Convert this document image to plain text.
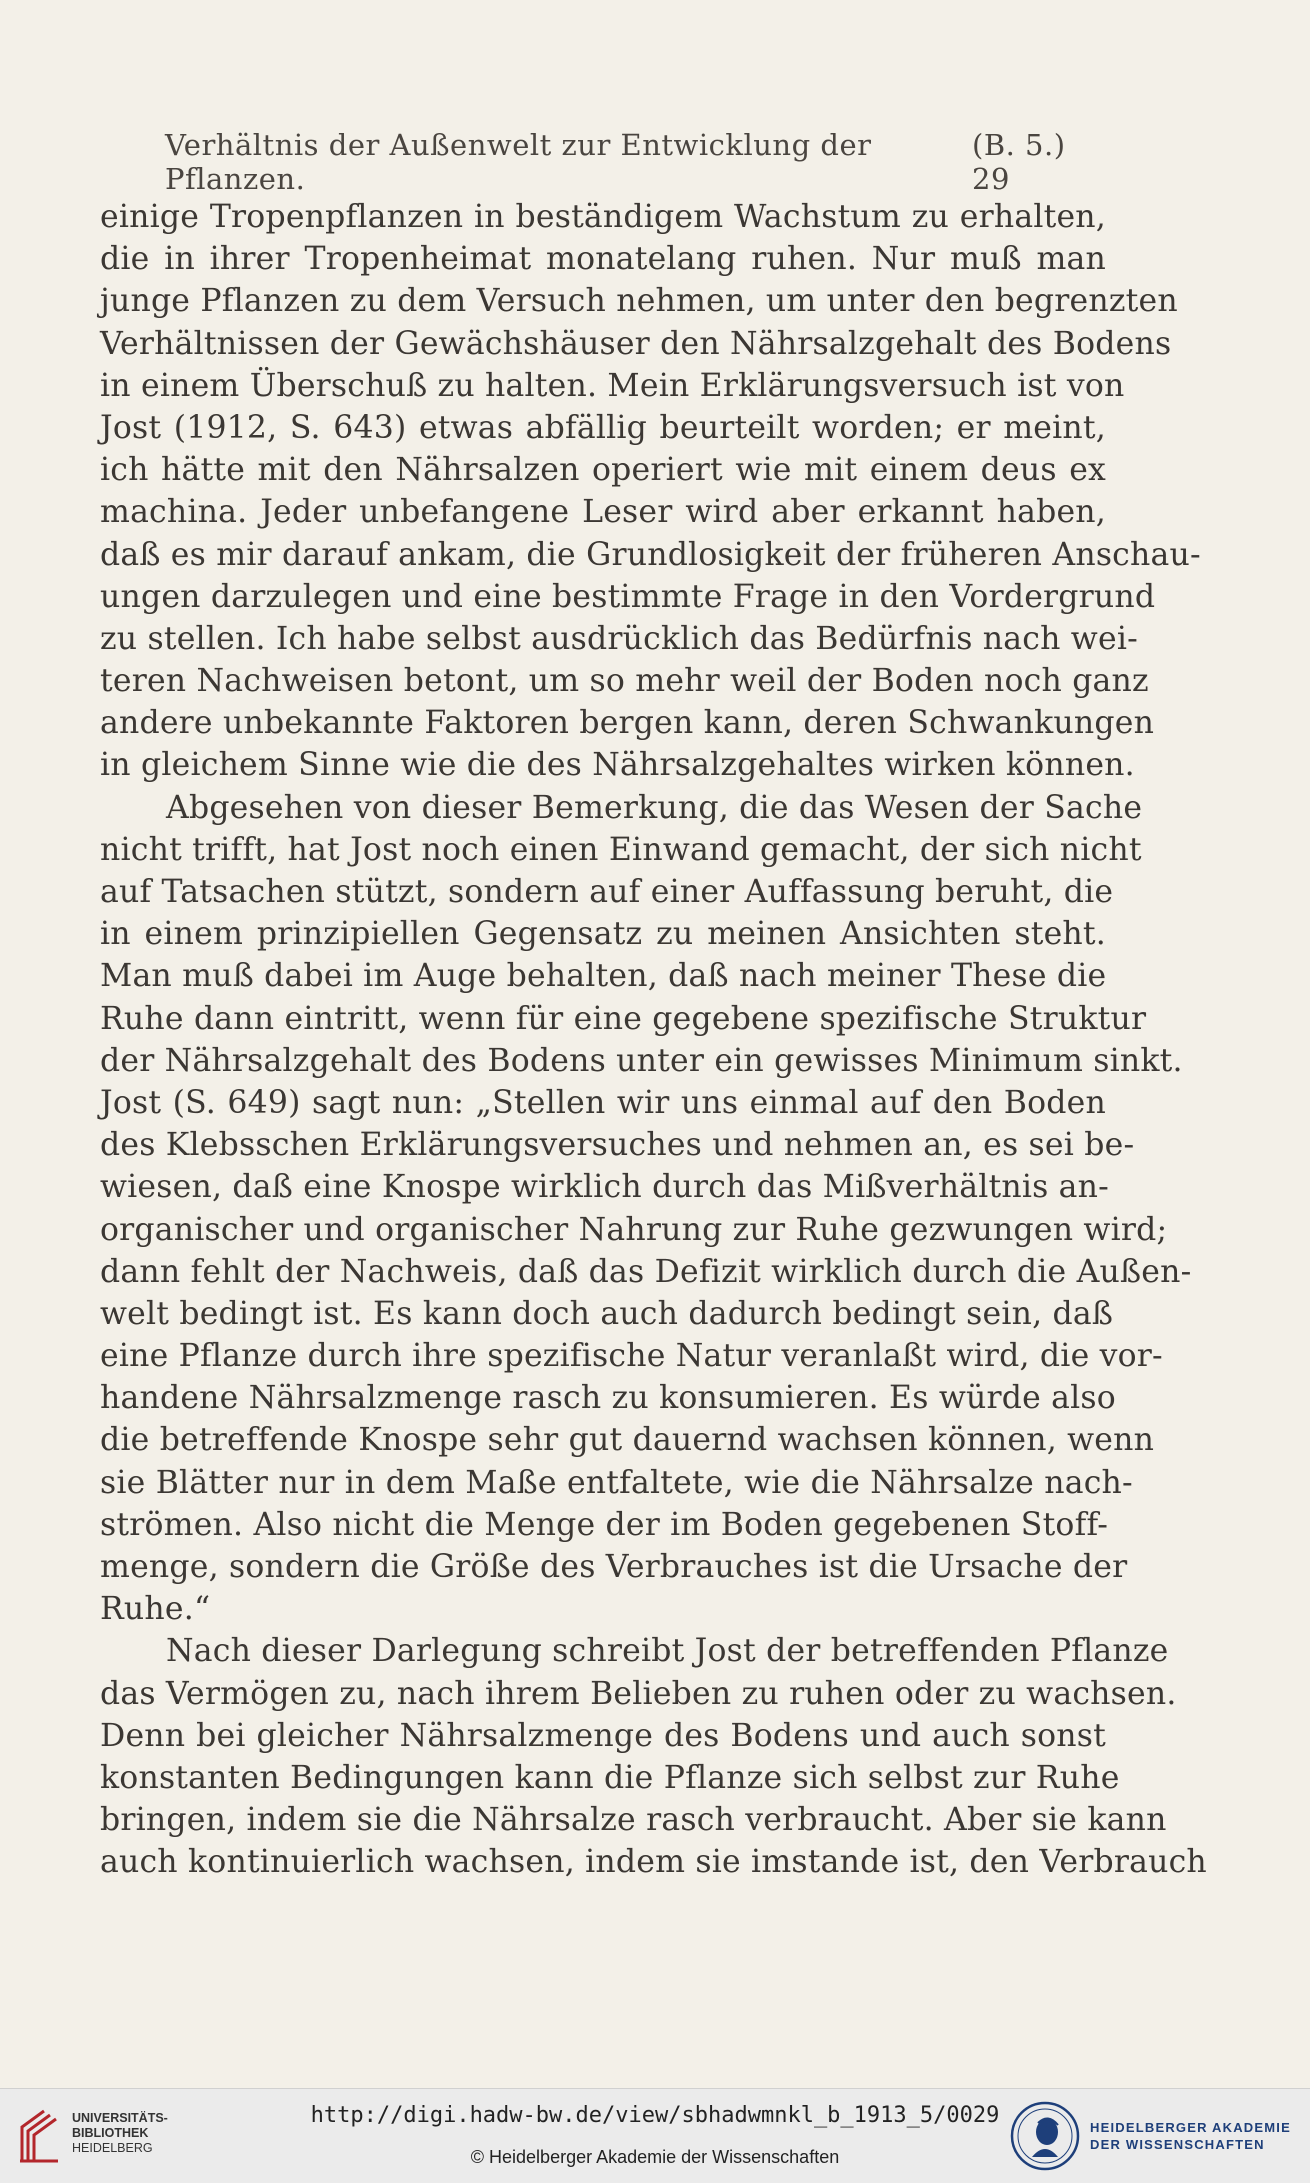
Verhältnis der Außenwelt zur Entwicklung der Pflanzen.
(B. 5.) 29
einige Tropenpflanzen in beständigem Wachstum zu erhalten,
die in ihrer Tropenheimat monatelang ruhen. Nur muß man
junge Pflanzen zu dem Versuch nehmen, um unter den begrenzten
Verhältnissen der Gewächshäuser den Nährsalzgehalt des Bodens
in einem Überschuß zu halten. Mein Erklärungsversuch ist von
Jost (1912, S. 643) etwas abfällig beurteilt worden; er meint,
ich hätte mit den Nährsalzen operiert wie mit einem deus ex
machina. Jeder unbefangene Leser wird aber erkannt haben,
daß es mir darauf ankam, die Grundlosigkeit der früheren Anschau-
ungen darzulegen und eine bestimmte Frage in den Vordergrund
zu stellen. Ich habe selbst ausdrücklich das Bedürfnis nach wei-
teren Nachweisen betont, um so mehr weil der Boden noch ganz
andere unbekannte Faktoren bergen kann, deren Schwankungen
in gleichem Sinne wie die des Nährsalzgehaltes wirken können.
Abgesehen von dieser Bemerkung, die das Wesen der Sache
nicht trifft, hat Jost noch einen Einwand gemacht, der sich nicht
auf Tatsachen stützt, sondern auf einer Auffassung beruht, die
in einem prinzipiellen Gegensatz zu meinen Ansichten steht.
Man muß dabei im Auge behalten, daß nach meiner These die
Ruhe dann eintritt, wenn für eine gegebene spezifische Struktur
der Nährsalzgehalt des Bodens unter ein gewisses Minimum sinkt.
Jost (S. 649) sagt nun: „Stellen wir uns einmal auf den Boden
des Klebsschen Erklärungsversuches und nehmen an, es sei be-
wiesen, daß eine Knospe wirklich durch das Mißverhältnis an-
organischer und organischer Nahrung zur Ruhe gezwungen wird;
dann fehlt der Nachweis, daß das Defizit wirklich durch die Außen-
welt bedingt ist. Es kann doch auch dadurch bedingt sein, daß
eine Pflanze durch ihre spezifische Natur veranlaßt wird, die vor-
handene Nährsalzmenge rasch zu konsumieren. Es würde also
die betreffende Knospe sehr gut dauernd wachsen können, wenn
sie Blätter nur in dem Maße entfaltete, wie die Nährsalze nach-
strömen. Also nicht die Menge der im Boden gegebenen Stoff-
menge, sondern die Größe des Verbrauches ist die Ursache der
Ruhe.“
Nach dieser Darlegung schreibt Jost der betreffenden Pflanze
das Vermögen zu, nach ihrem Belieben zu ruhen oder zu wachsen.
Denn bei gleicher Nährsalzmenge des Bodens und auch sonst
konstanten Bedingungen kann die Pflanze sich selbst zur Ruhe
bringen, indem sie die Nährsalze rasch verbraucht. Aber sie kann
auch kontinuierlich wachsen, indem sie imstande ist, den Verbrauch
UNIVERSITÄTS-
BIBLIOTHEK
HEIDELBERG
http://digi.hadw-bw.de/view/sbhadwmnkl_b_1913_5/0029
© Heidelberger Akademie der Wissenschaften
HEIDELBERGER AKADEMIE
DER WISSENSCHAFTEN
